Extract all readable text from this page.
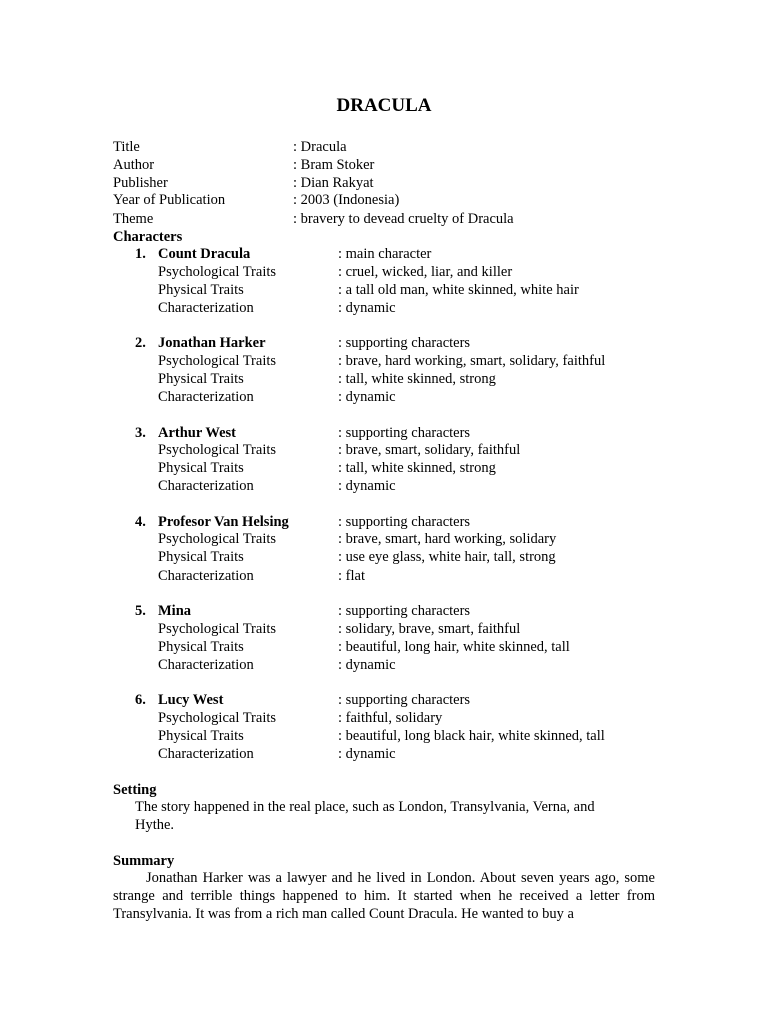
DRACULA
Title	: Dracula
Author	: Bram Stoker
Publisher	: Dian Rakyat
Year of Publication	: 2003 (Indonesia)
Theme	: bravery to devead cruelty of Dracula
Characters
1. Count Dracula	: main character
Psychological Traits	: cruel, wicked, liar, and killer
Physical Traits	: a tall old man, white skinned, white hair
Characterization	: dynamic
2. Jonathan Harker	: supporting characters
Psychological Traits	: brave, hard working, smart, solidary, faithful
Physical Traits	: tall, white skinned, strong
Characterization	: dynamic
3. Arthur West	: supporting characters
Psychological Traits	: brave, smart, solidary, faithful
Physical Traits	: tall, white skinned, strong
Characterization	: dynamic
4. Profesor Van Helsing	: supporting characters
Psychological Traits	: brave, smart, hard working, solidary
Physical Traits	: use eye glass, white hair, tall, strong
Characterization	: flat
5. Mina	: supporting characters
Psychological Traits	: solidary, brave, smart, faithful
Physical Traits	: beautiful, long hair, white skinned, tall
Characterization	: dynamic
6. Lucy West	: supporting characters
Psychological Traits	: faithful, solidary
Physical Traits	: beautiful, long black hair, white skinned, tall
Characterization	: dynamic
Setting
The story happened in the real place, such as London, Transylvania, Verna, and Hythe.
Summary
Jonathan Harker was a lawyer and he lived in London. About seven years ago, some strange and terrible things happened to him. It started when he received a letter from Transylvania. It was from a rich man called Count Dracula. He wanted to buy a
